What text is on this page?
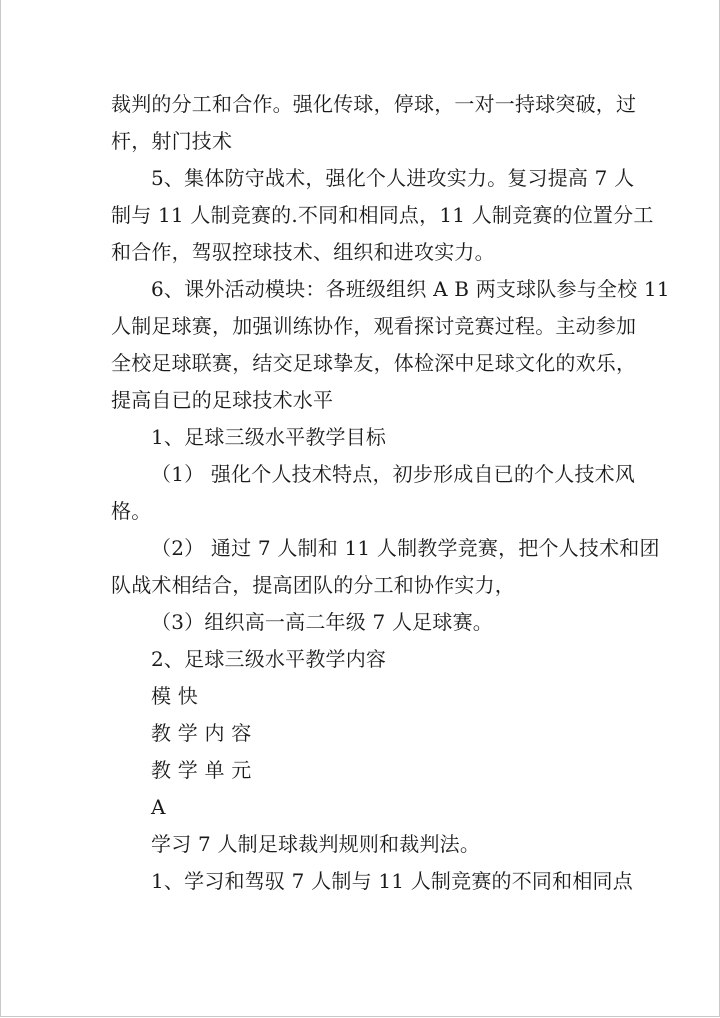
裁判的分工和合作。强化传球，停球，一对一持球突破，过
杆，射门技术

5、集体防守战术，强化个人进攻实力。复习提高 7 人
制与 11 人制竞赛的.不同和相同点，11 人制竞赛的位置分工
和合作，驾驭控球技术、组织和进攻实力。

6、课外活动模块：各班级组织 A B 两支球队参与全校 11
人制足球赛，加强训练协作，观看探讨竞赛过程。主动参加
全校足球联赛，结交足球挚友，体检深中足球文化的欢乐，
提高自已的足球技术水平

1、足球三级水平教学目标

（1） 强化个人技术特点，初步形成自已的个人技术风
格。

（2） 通过 7 人制和 11 人制教学竞赛，把个人技术和团
队战术相结合，提高团队的分工和协作实力，

（3）组织高一高二年级 7 人足球赛。

2、足球三级水平教学内容

模 快

教 学 内 容

教 学 单 元

A

学习 7 人制足球裁判规则和裁判法。

1、学习和驾驭 7 人制与 11 人制竞赛的不同和相同点
